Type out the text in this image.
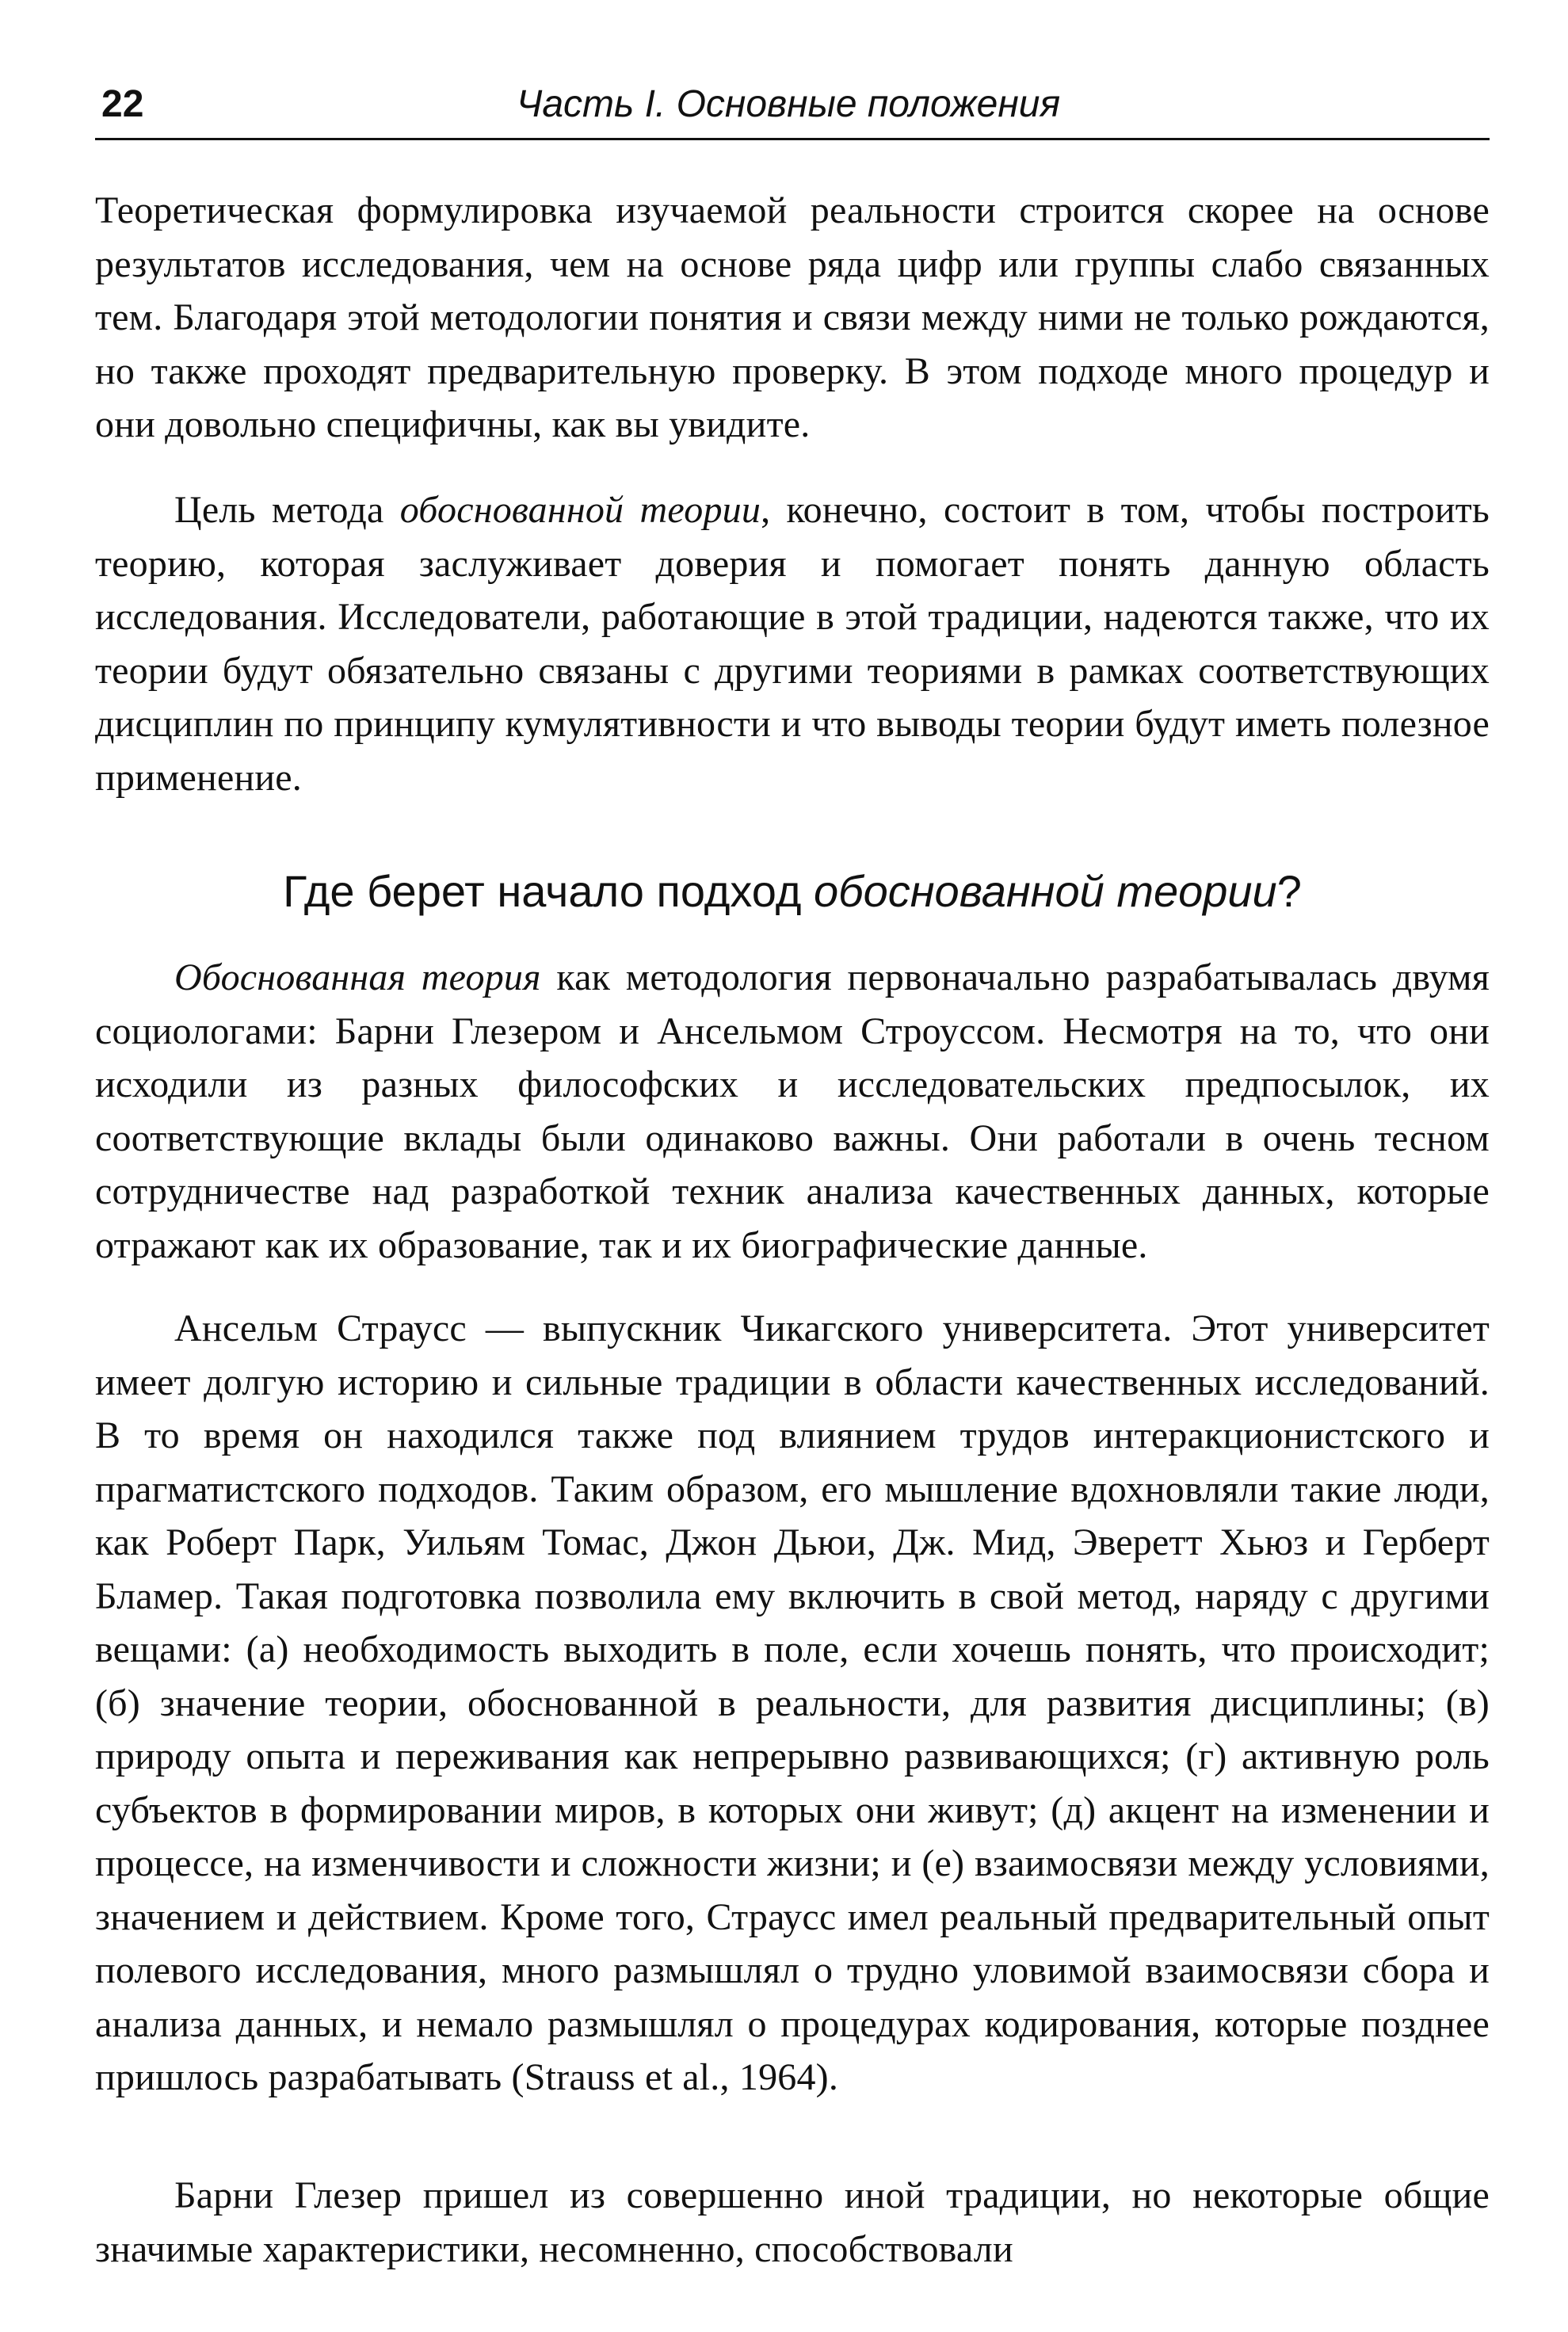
22	Часть I. Основные положения

Теоретическая формулировка изучаемой реальности строится скорее на основе результатов исследования, чем на основе ряда цифр или группы слабо связанных тем. Благодаря этой методологии понятия и связи между ними не только рождаются, но также проходят предварительную проверку. В этом подходе много процедур и они довольно специфичны, как вы увидите.

Цель метода обоснованной теории, конечно, состоит в том, чтобы построить теорию, которая заслуживает доверия и помогает понять данную область исследования. Исследователи, работающие в этой традиции, надеются также, что их теории будут обязательно связаны с другими теориями в рамках соответствующих дисциплин по принципу кумулятивности и что выводы теории будут иметь полезное применение.

Где берет начало подход обоснованной теории?

Обоснованная теория как методология первоначально разрабатывалась двумя социологами: Барни Глезером и Ансельмом Строуссом. Несмотря на то, что они исходили из разных философских и исследовательских предпосылок, их соответствующие вклады были одинаково важны. Они работали в очень тесном сотрудничестве над разработкой техник анализа качественных данных, которые отражают как их образование, так и их биографические данные.

Ансельм Страусс — выпускник Чикагского университета. Этот университет имеет долгую историю и сильные традиции в области качественных исследований. В то время он находился также под влиянием трудов интеракционистского и прагматистского подходов. Таким образом, его мышление вдохновляли такие люди, как Роберт Парк, Уильям Томас, Джон Дьюи, Дж. Мид, Эверетт Хьюз и Герберт Бламер. Такая подготовка позволила ему включить в свой метод, наряду с другими вещами: (а) необходимость выходить в поле, если хочешь понять, что происходит; (б) значение теории, обоснованной в реальности, для развития дисциплины; (в) природу опыта и переживания как непрерывно развивающихся; (г) активную роль субъектов в формировании миров, в которых они живут; (д) акцент на изменении и процессе, на изменчивости и сложности жизни; и (е) взаимосвязи между условиями, значением и действием. Кроме того, Страусс имел реальный предварительный опыт полевого исследования, много размышлял о трудно уловимой взаимосвязи сбора и анализа данных, и немало размышлял о процедурах кодирования, которые позднее пришлось разрабатывать (Strauss et al., 1964).

Барни Глезер пришел из совершенно иной традиции, но некоторые общие значимые характеристики, несомненно, способствовали
